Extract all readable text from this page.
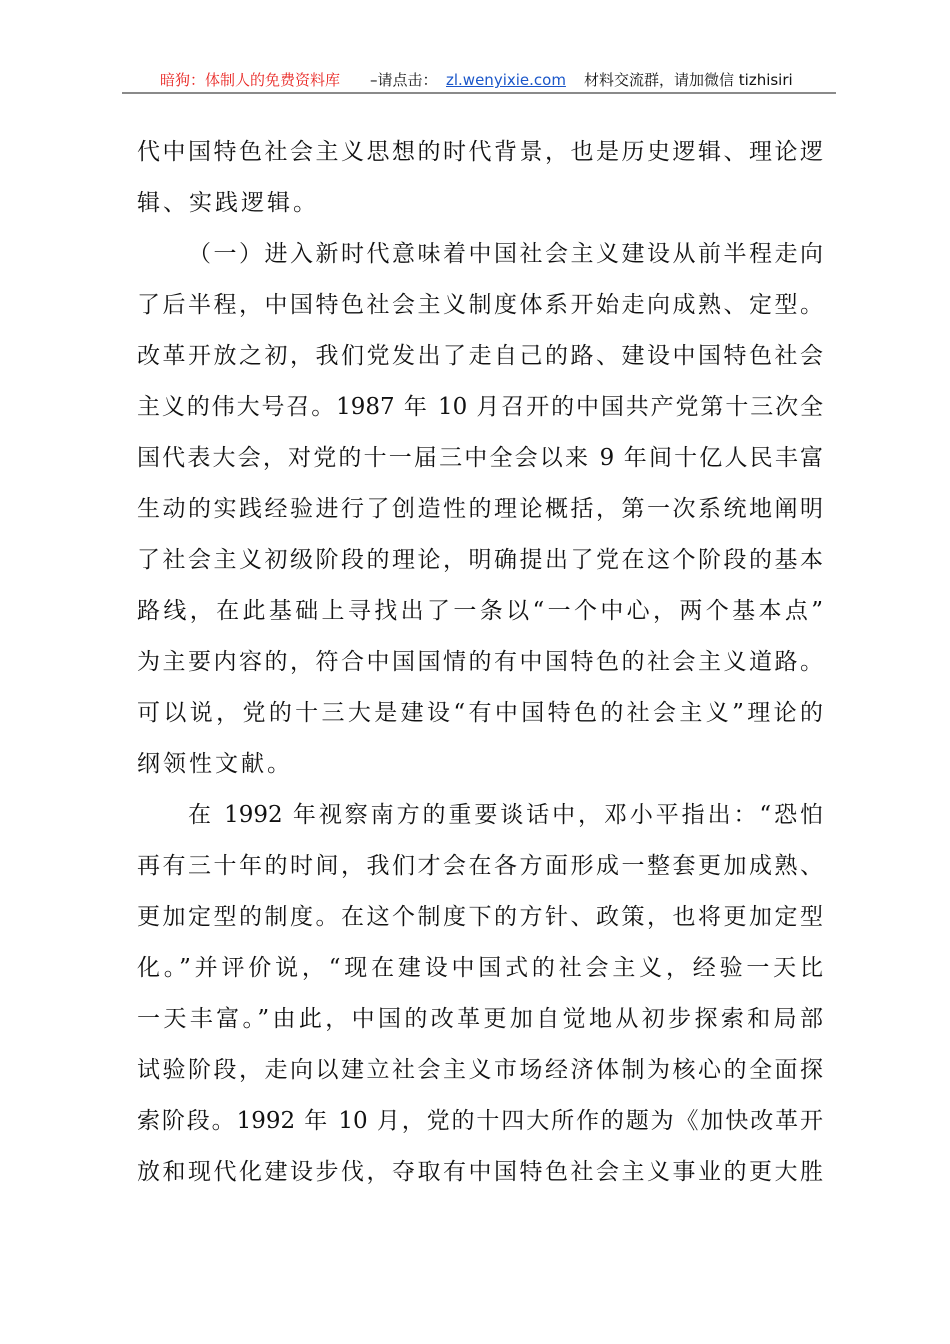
暗狗：体制人的免费资料库 –请点击： zl.wenyixie.com 材料交流群，请加微信 tizhisiri
代中国特色社会主义思想的时代背景，也是历史逻辑、理论逻
辑、实践逻辑。
（一）进入新时代意味着中国社会主义建设从前半程走向
了后半程，中国特色社会主义制度体系开始走向成熟、定型。
改革开放之初，我们党发出了走自己的路、建设中国特色社会
主义的伟大号召。1987 年 10 月召开的中国共产党第十三次全
国代表大会，对党的十一届三中全会以来 9 年间十亿人民丰富
生动的实践经验进行了创造性的理论概括，第一次系统地阐明
了社会主义初级阶段的理论，明确提出了党在这个阶段的基本
路线，在此基础上寻找出了一条以“一个中心，两个基本点”
为主要内容的，符合中国国情的有中国特色的社会主义道路。
可以说，党的十三大是建设“有中国特色的社会主义”理论的
纲领性文献。
在 1992 年视察南方的重要谈话中，邓小平指出：“恐怕
再有三十年的时间，我们才会在各方面形成一整套更加成熟、
更加定型的制度。在这个制度下的方针、政策，也将更加定型
化。”并评价说，“现在建设中国式的社会主义，经验一天比
一天丰富。”由此，中国的改革更加自觉地从初步探索和局部
试验阶段，走向以建立社会主义市场经济体制为核心的全面探
索阶段。1992 年 10 月，党的十四大所作的题为《加快改革开
放和现代化建设步伐，夺取有中国特色社会主义事业的更大胜
